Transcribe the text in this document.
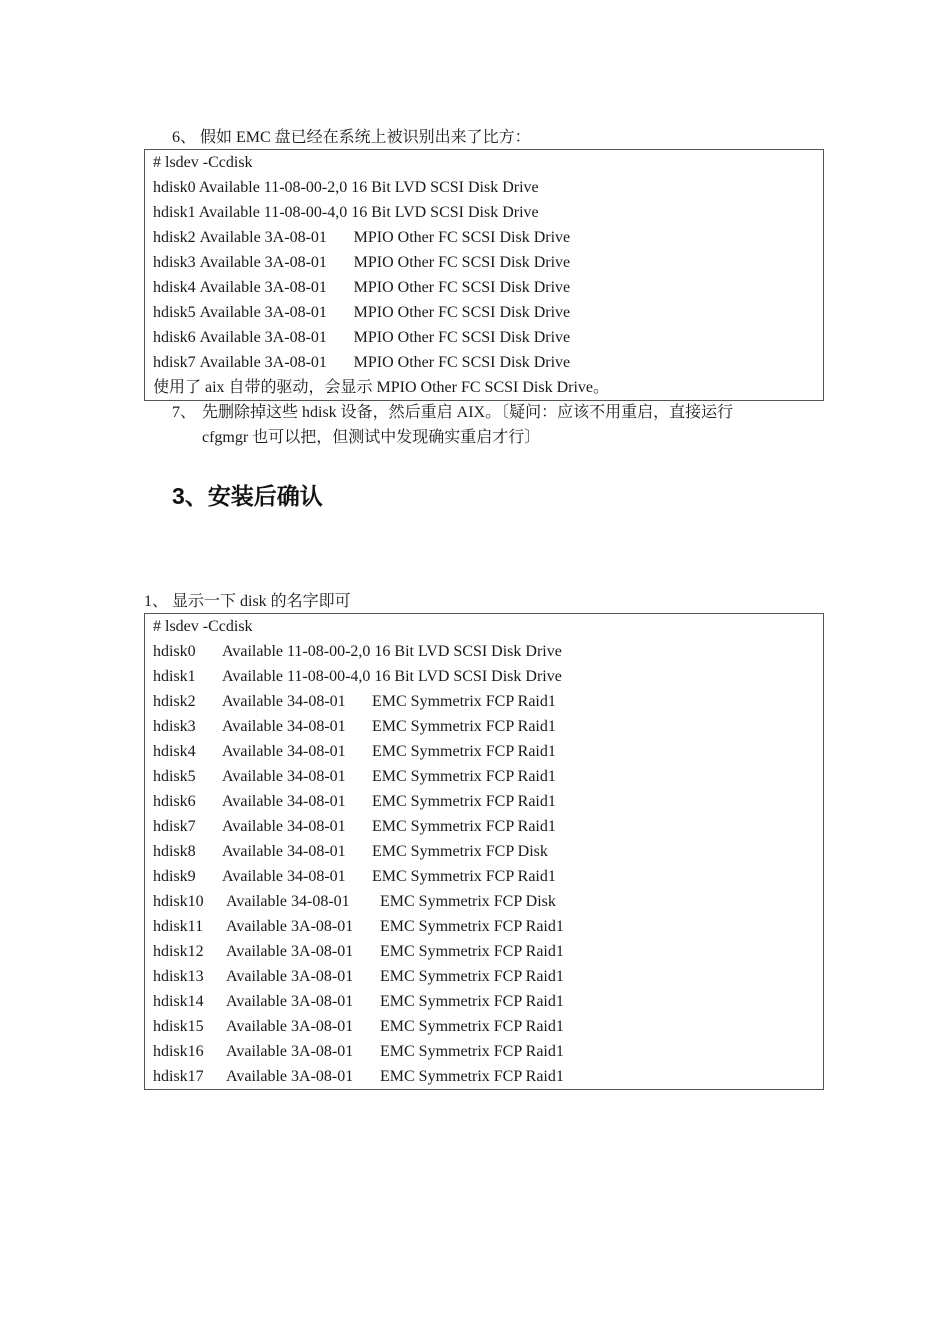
6、 假如 EMC 盘已经在系统上被识别出来了比方：
# lsdev -Ccdisk
hdisk0 Available 11-08-00-2,0 16 Bit LVD SCSI Disk Drive
hdisk1 Available 11-08-00-4,0 16 Bit LVD SCSI Disk Drive
hdisk2 Available 3A-08-01 MPIO Other FC SCSI Disk Drive
hdisk3 Available 3A-08-01 MPIO Other FC SCSI Disk Drive
hdisk4 Available 3A-08-01 MPIO Other FC SCSI Disk Drive
hdisk5 Available 3A-08-01 MPIO Other FC SCSI Disk Drive
hdisk6 Available 3A-08-01 MPIO Other FC SCSI Disk Drive
hdisk7 Available 3A-08-01 MPIO Other FC SCSI Disk Drive
使用了 aix 自带的驱动，会显示 MPIO Other FC SCSI Disk Drive。
7、 先删除掉这些 hdisk 设备，然后重启 AIX。〔疑问：应该不用重启，直接运行
cfgmgr 也可以把，但测试中发现确实重启才行〕
3、安装后确认
1、 显示一下 disk 的名字即可
# lsdev -Ccdisk
hdisk0 Available 11-08-00-2,0 16 Bit LVD SCSI Disk Drive
hdisk1 Available 11-08-00-4,0 16 Bit LVD SCSI Disk Drive
hdisk2 Available 34-08-01 EMC Symmetrix FCP Raid1
hdisk3 Available 34-08-01 EMC Symmetrix FCP Raid1
hdisk4 Available 34-08-01 EMC Symmetrix FCP Raid1
hdisk5 Available 34-08-01 EMC Symmetrix FCP Raid1
hdisk6 Available 34-08-01 EMC Symmetrix FCP Raid1
hdisk7 Available 34-08-01 EMC Symmetrix FCP Raid1
hdisk8 Available 34-08-01 EMC Symmetrix FCP Disk
hdisk9 Available 34-08-01 EMC Symmetrix FCP Raid1
hdisk10 Available 34-08-01 EMC Symmetrix FCP Disk
hdisk11 Available 3A-08-01 EMC Symmetrix FCP Raid1
hdisk12 Available 3A-08-01 EMC Symmetrix FCP Raid1
hdisk13 Available 3A-08-01 EMC Symmetrix FCP Raid1
hdisk14 Available 3A-08-01 EMC Symmetrix FCP Raid1
hdisk15 Available 3A-08-01 EMC Symmetrix FCP Raid1
hdisk16 Available 3A-08-01 EMC Symmetrix FCP Raid1
hdisk17 Available 3A-08-01 EMC Symmetrix FCP Raid1
